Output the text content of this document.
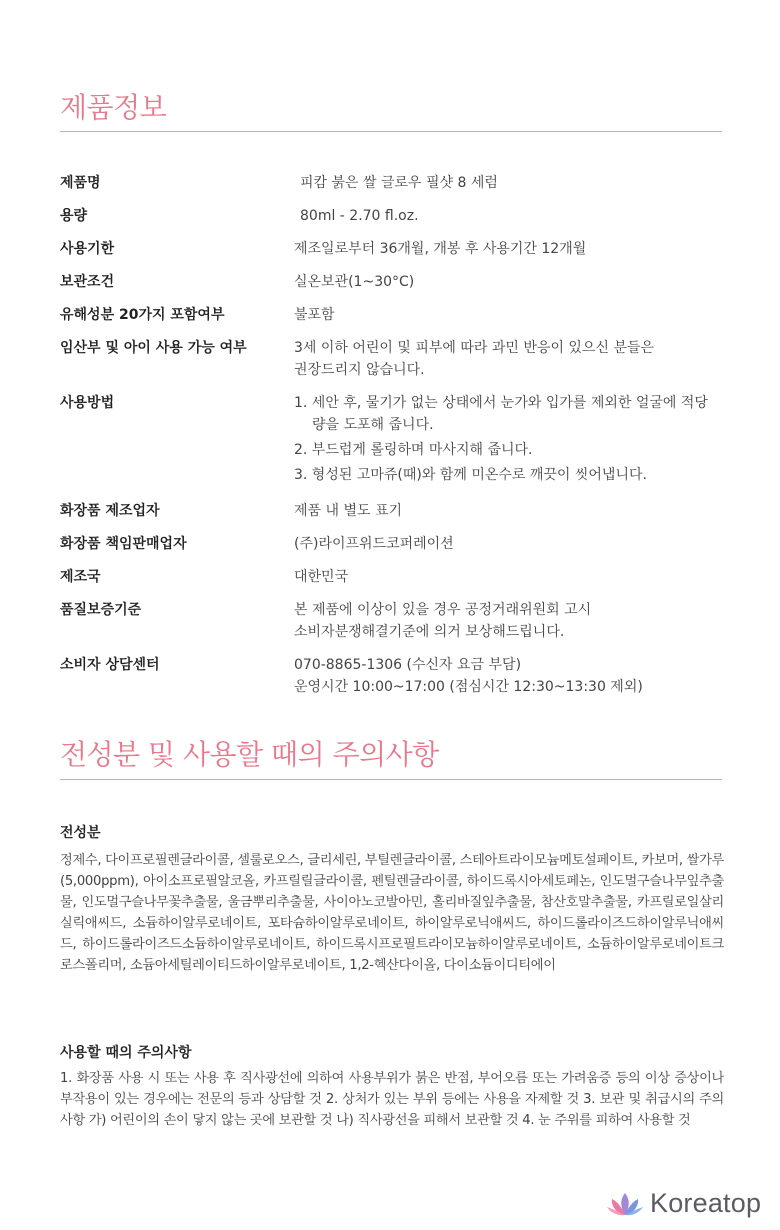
제품정보
제품명	피캄 붉은 쌀 글로우 필샷 8 세럼
용량	80ml - 2.70 fl.oz.
사용기한	제조일로부터 36개월, 개봉 후 사용기간 12개월
보관조건	실온보관(1~30°C)
유해성분 20가지 포함여부	불포함
임산부 및 아이 사용 가능 여부	3세 이하 어린이 및 피부에 따라 과민 반응이 있으신 분들은
권장드리지 않습니다.
사용방법	1. 세안 후, 물기가 없는 상태에서 눈가와 입가를 제외한 얼굴에 적당량을 도포해 줍니다.
2. 부드럽게 롤링하며 마사지해 줍니다.
3. 형성된 고마쥬(때)와 함께 미온수로 깨끗이 씻어냅니다.
화장품 제조업자	제품 내 별도 표기
화장품 책임판매업자	(주)라이프위드코퍼레이션
제조국	대한민국
품질보증기준	본 제품에 이상이 있을 경우 공정거래위원회 고시
소비자분쟁해결기준에 의거 보상해드립니다.
소비자 상담센터	070-8865-1306 (수신자 요금 부담)
운영시간 10:00~17:00 (점심시간 12:30~13:30 제외)
전성분 및 사용할 때의 주의사항
전성분

정제수, 다이프로필렌글라이콜, 셀룰로오스, 글리세린, 부틸렌글라이콜, 스테아트라이모늄메토설페이트, 카보머, 쌀가루(5,000ppm), 아이소프로필알코올, 카프릴릴글라이콜, 펜틸렌글라이콜, 하이드록시아세토페논, 인도멀구슬나무잎추출물, 인도멀구슬나무꽃추출물, 울금뿌리추출물, 사이아노코발아민, 홀리바질잎추출물, 참산호말추출물, 카프릴로일살리실릭애씨드, 소듐하이알루로네이트, 포타슘하이알루로네이트, 하이알루로닉애씨드, 하이드롤라이즈드하이알루닉애씨드, 하이드롤라이즈드소듐하이알루로네이트, 하이드록시프로필트라이모늄하이알루로네이트, 소듐하이알루로네이트크로스폴리머, 소듐아세틸레이티드하이알루로네이트, 1,2-헥산다이올, 다이소듐이디티에이

사용할 때의 주의사항

1. 화장품 사용 시 또는 사용 후 직사광선에 의하여 사용부위가 붉은 반점, 부어오름 또는 가려움증 등의 이상 증상이나 부작용이 있는 경우에는 전문의 등과 상담할 것 2. 상처가 있는 부위 등에는 사용을 자제할 것 3. 보관 및 취급시의 주의사항 가) 어린이의 손이 닿지 않는 곳에 보관할 것 나) 직사광선을 피해서 보관할 것 4. 눈 주위를 피하여 사용할 것

Koreatop
